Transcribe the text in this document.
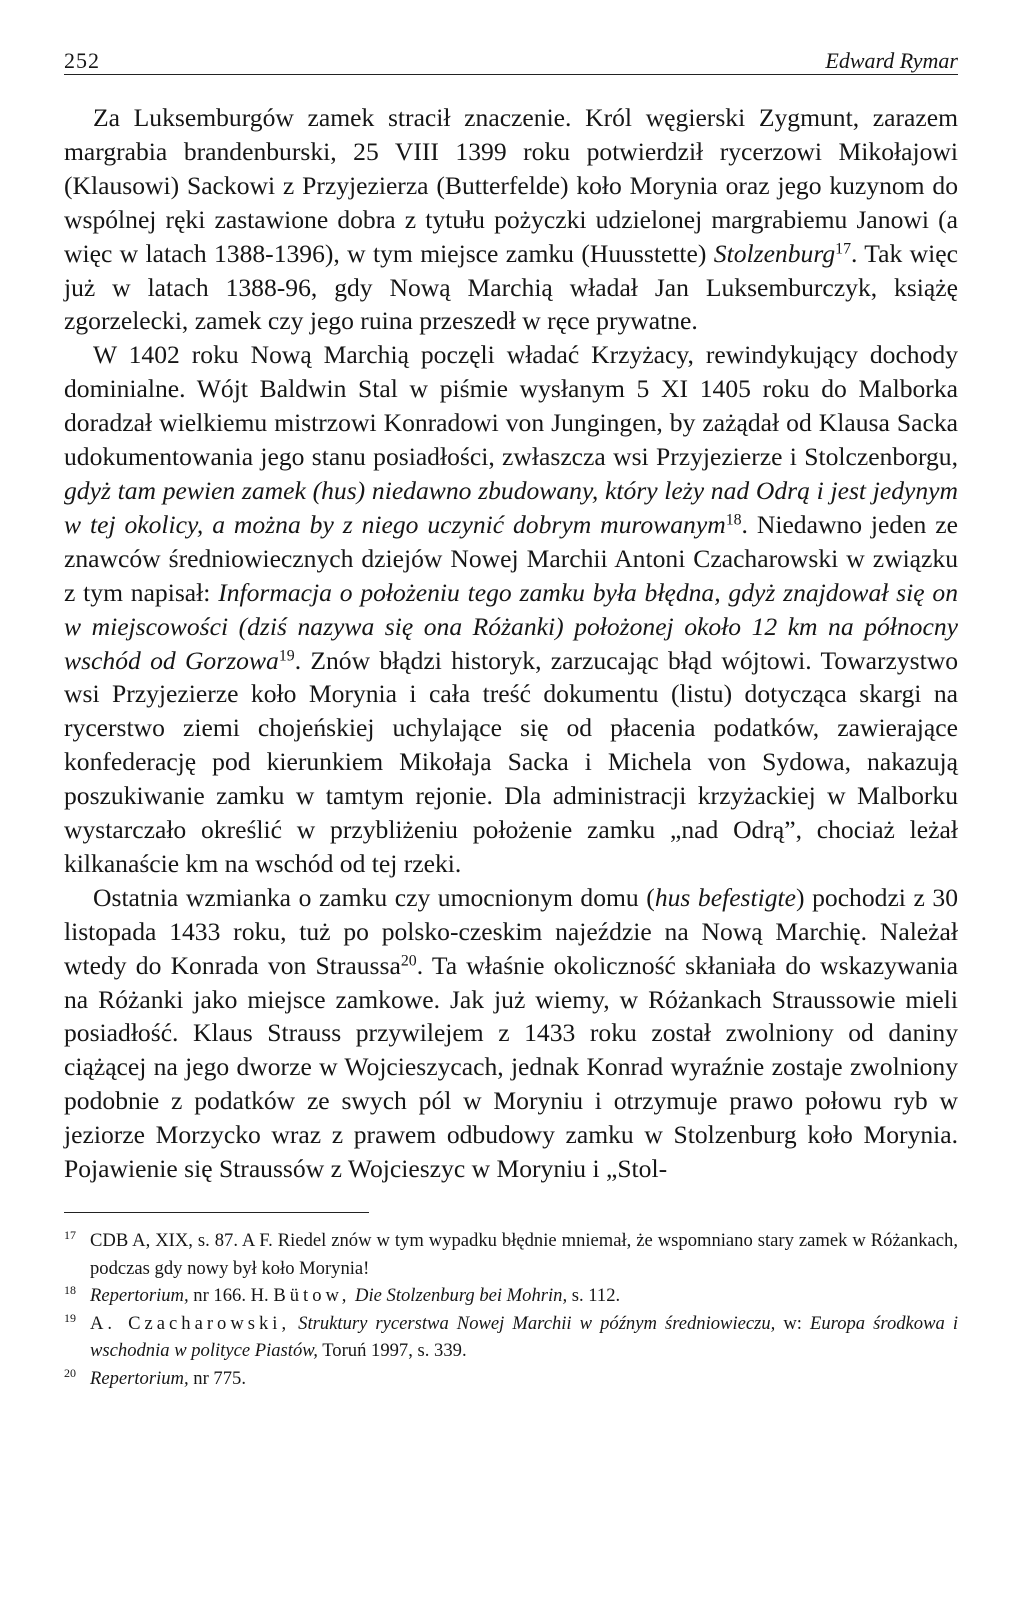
252	Edward Rymar

Za Luksemburgów zamek stracił znaczenie. Król węgierski Zygmunt, zarazem margrabia brandenburski, 25 VIII 1399 roku potwierdził rycerzowi Mikołajowi (Klausowi) Sackowi z Przyjezierza (Butterfelde) koło Morynia oraz jego kuzynom do wspólnej ręki zastawione dobra z tytułu pożyczki udzielonej margrabiemu Janowi (a więc w latach 1388-1396), w tym miejsce zamku (Huusstette) Stolzenburg$^{17}$. Tak więc już w latach 1388-96, gdy Nową Marchią władał Jan Luksemburczyk, książę zgorzelecki, zamek czy jego ruina przeszedł w ręce prywatne.

W 1402 roku Nową Marchią poczęli władać Krzyżacy, rewindykujący dochody dominialne. Wójt Baldwin Stal w piśmie wysłanym 5 XI 1405 roku do Malborka doradzał wielkiemu mistrzowi Konradowi von Jungingen, by zażądał od Klausa Sacka udokumentowania jego stanu posiadłości, zwłaszcza wsi Przyjezierze i Stolczenborgu, gdyż tam pewien zamek (hus) niedawno zbudowany, który leży nad Odrą i jest jedynym w tej okolicy, a można by z niego uczynić dobrym murowanym$^{18}$. Niedawno jeden ze znawców średniowiecznych dziejów Nowej Marchii Antoni Czacharowski w związku z tym napisał: Informacja o położeniu tego zamku była błędna, gdyż znajdował się on w miejscowości (dziś nazywa się ona Różanki) położonej około 12 km na północny wschód od Gorzowa$^{19}$. Znów błądzi historyk, zarzucając błąd wójtowi. Towarzystwo wsi Przyjezierze koło Morynia i cała treść dokumentu (listu) dotycząca skargi na rycerstwo ziemi chojeńskiej uchylające się od płacenia podatków, zawierające konfederację pod kierunkiem Mikołaja Sacka i Michela von Sydowa, nakazują poszukiwanie zamku w tamtym rejonie. Dla administracji krzyżackiej w Malborku wystarczało określić w przybliżeniu położenie zamku „nad Odrą”, chociaż leżał kilkanaście km na wschód od tej rzeki.

Ostatnia wzmianka o zamku czy umocnionym domu (hus befestigte) pochodzi z 30 listopada 1433 roku, tuż po polsko-czeskim najeździe na Nową Marchię. Należał wtedy do Konrada von Straussa$^{20}$. Ta właśnie okoliczność skłaniała do wskazywania na Różanki jako miejsce zamkowe. Jak już wiemy, w Różankach Straussowie mieli posiadłość. Klaus Strauss przywilejem z 1433 roku został zwolniony od daniny ciążącej na jego dworze w Wojcieszycach, jednak Konrad wyraźnie zostaje zwolniony podobnie z podatków ze swych pól w Moryniu i otrzymuje prawo połowu ryb w jeziorze Morzycko wraz z prawem odbudowy zamku w Stolzenburg koło Morynia. Pojawienie się Straussów z Wojcieszyc w Moryniu i „Stol-

17 CDB A, XIX, s. 87. A F. Riedel znów w tym wypadku błędnie mniemał, że wspomniano stary zamek w Różankach, podczas gdy nowy był koło Morynia!
18 Repertorium, nr 166. H. Bütow, Die Stolzenburg bei Mohrin, s. 112.
19 A. Czacharowski, Struktury rycerstwa Nowej Marchii w późnym średniowieczu, w: Europa środkowa i wschodnia w polityce Piastów, Toruń 1997, s. 339.
20 Repertorium, nr 775.
